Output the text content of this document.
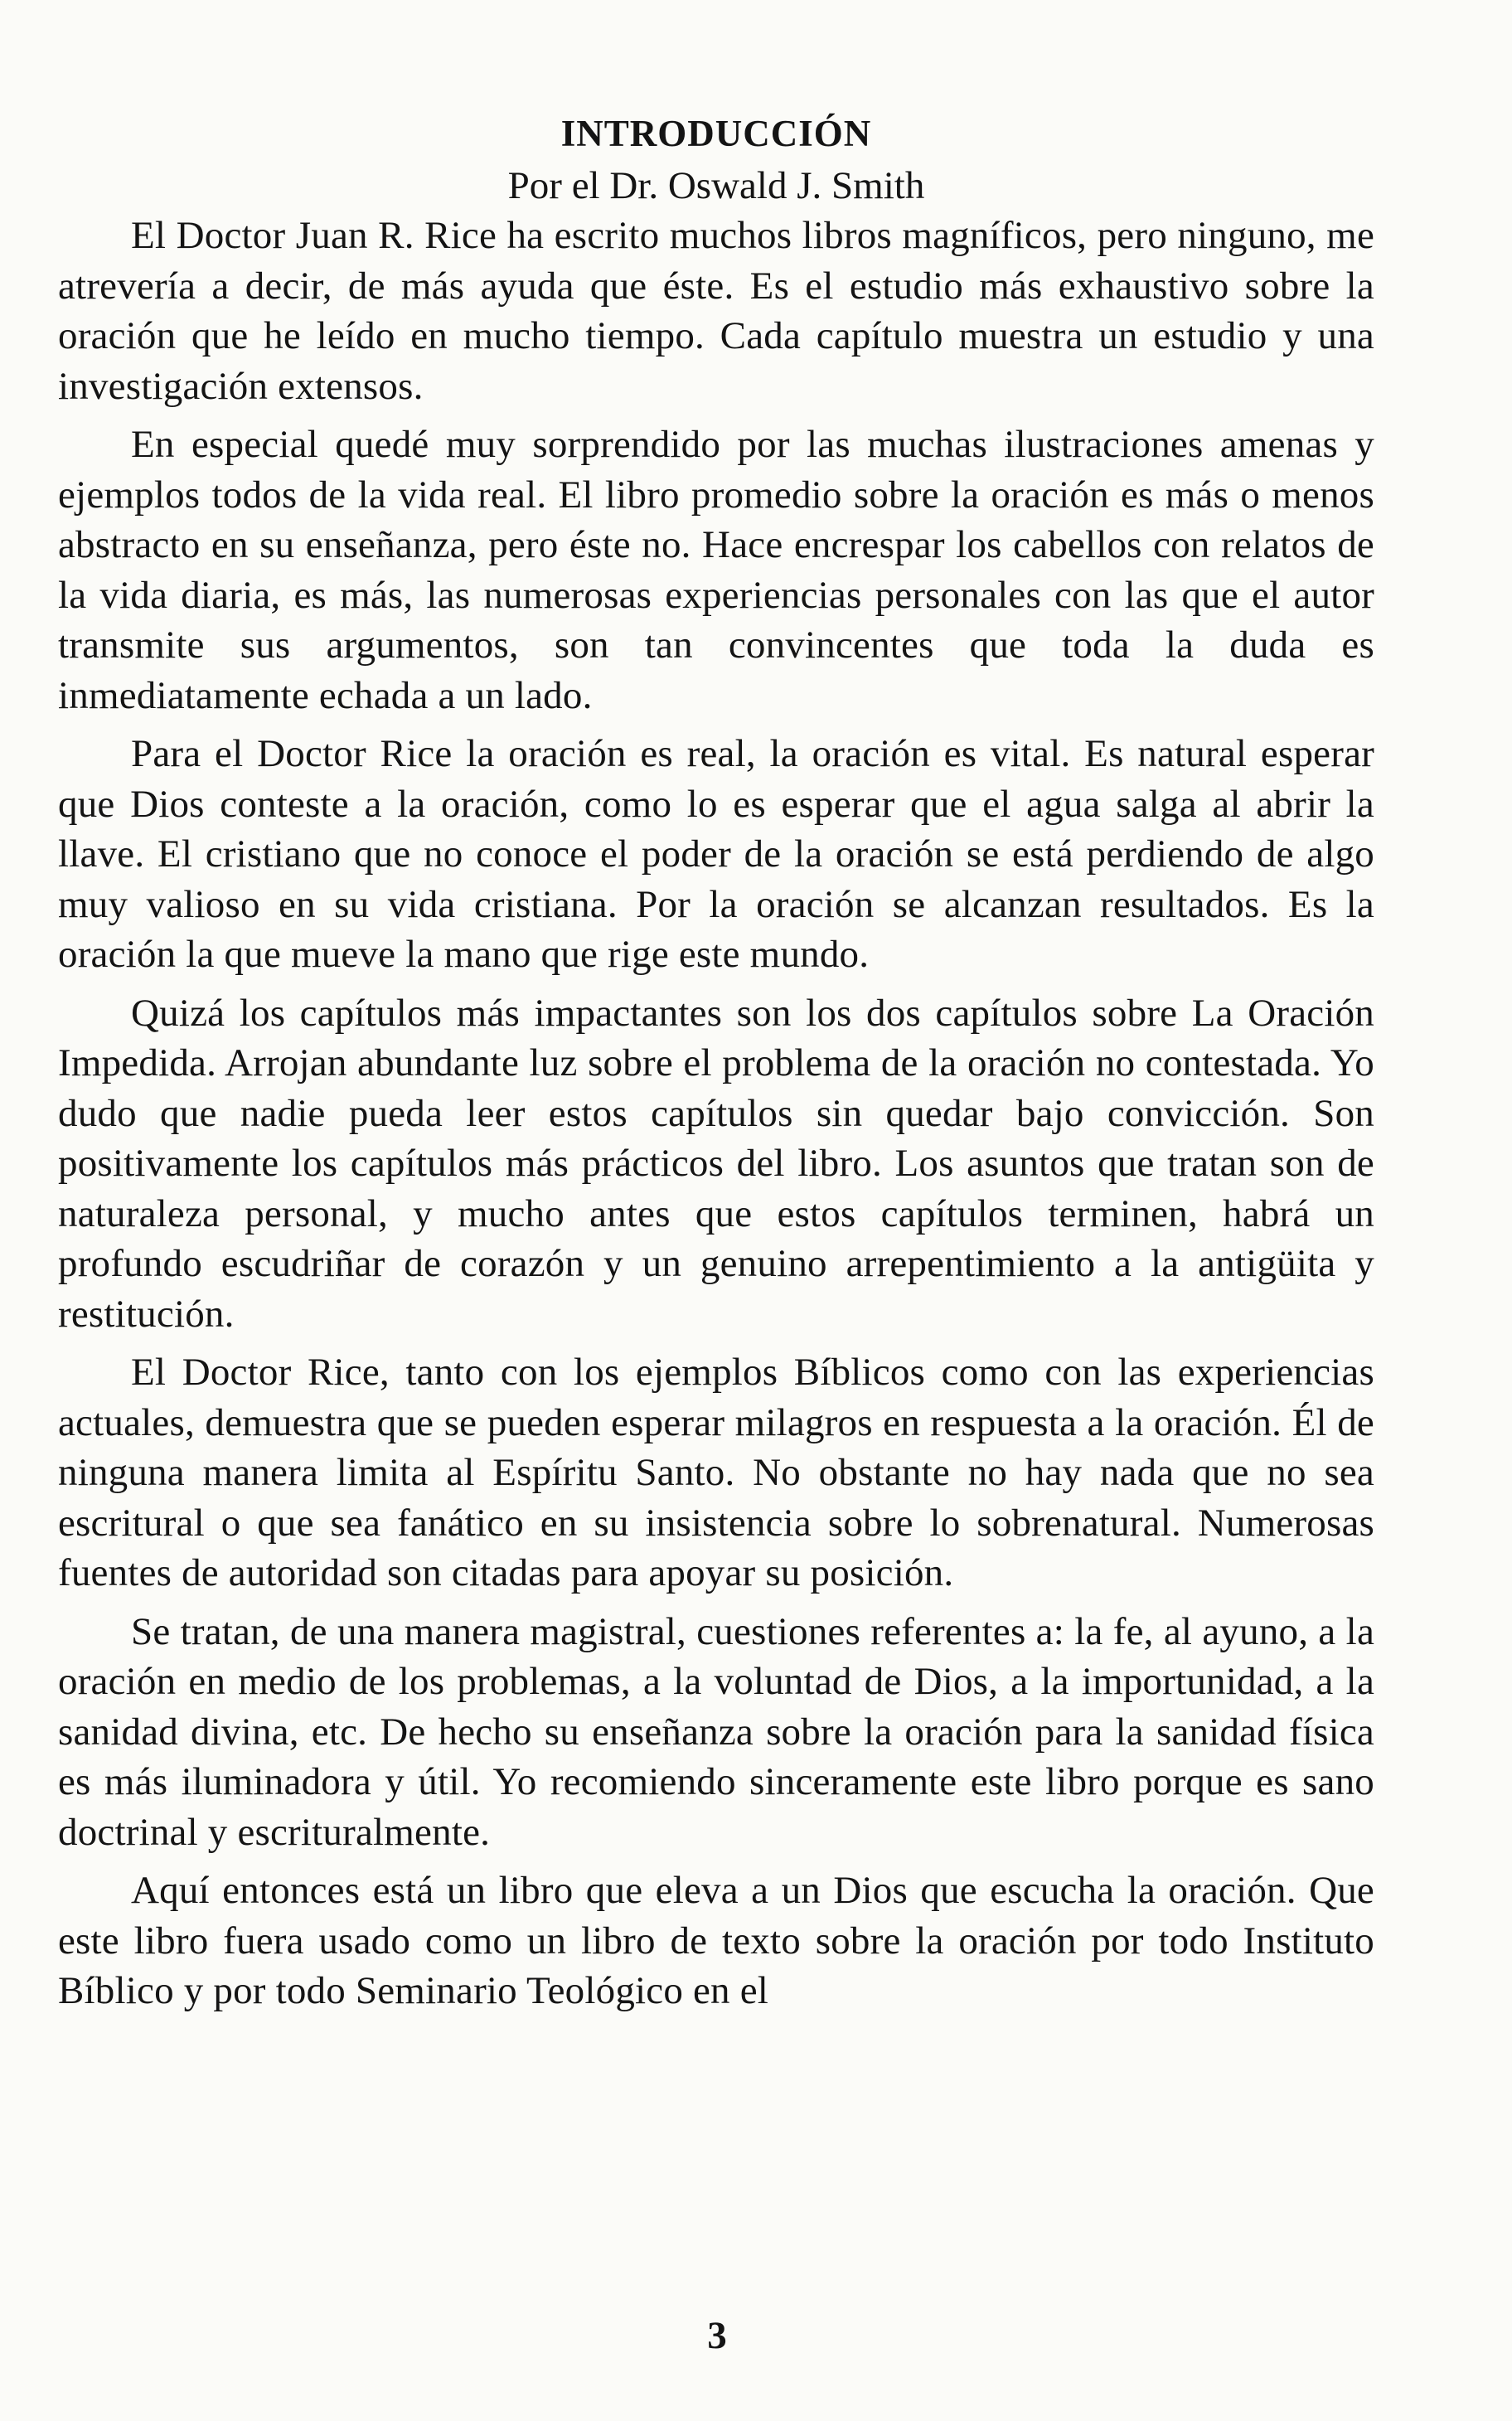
INTRODUCCIÓN

Por el Dr. Oswald J. Smith

El Doctor Juan R. Rice ha escrito muchos libros magníficos, pero ninguno, me atrevería a decir, de más ayuda que éste. Es el estudio más exhaustivo sobre la oración que he leído en mucho tiempo. Cada capítulo muestra un estudio y una investigación extensos.

En especial quedé muy sorprendido por las muchas ilustraciones amenas y ejemplos todos de la vida real. El libro promedio sobre la oración es más o menos abstracto en su enseñanza, pero éste no. Hace encrespar los cabellos con relatos de la vida diaria, es más, las numerosas experiencias personales con las que el autor transmite sus argumentos, son tan convincentes que toda la duda es inmediatamente echada a un lado.

Para el Doctor Rice la oración es real, la oración es vital. Es natural esperar que Dios conteste a la oración, como lo es esperar que el agua salga al abrir la llave. El cristiano que no conoce el poder de la oración se está perdiendo de algo muy valioso en su vida cristiana. Por la oración se alcanzan resultados. Es la oración la que mueve la mano que rige este mundo.

Quizá los capítulos más impactantes son los dos capítulos sobre La Oración Impedida. Arrojan abundante luz sobre el problema de la oración no contestada. Yo dudo que nadie pueda leer estos capítulos sin quedar bajo convicción. Son positivamente los capítulos más prácticos del libro. Los asuntos que tratan son de naturaleza personal, y mucho antes que estos capítulos terminen, habrá un profundo escudriñar de corazón y un genuino arrepentimiento a la antigüita y restitución.

El Doctor Rice, tanto con los ejemplos Bíblicos como con las experiencias actuales, demuestra que se pueden esperar milagros en respuesta a la oración. Él de ninguna manera limita al Espíritu Santo. No obstante no hay nada que no sea escritural o que sea fanático en su insistencia sobre lo sobrenatural. Numerosas fuentes de autoridad son citadas para apoyar su posición.

Se tratan, de una manera magistral, cuestiones referentes a: la fe, al ayuno, a la oración en medio de los problemas, a la voluntad de Dios, a la importunidad, a la sanidad divina, etc. De hecho su enseñanza sobre la oración para la sanidad física es más iluminadora y útil. Yo recomiendo sinceramente este libro porque es sano doctrinal y escrituralmente.

Aquí entonces está un libro que eleva a un Dios que escucha la oración. Que este libro fuera usado como un libro de texto sobre la oración por todo Instituto Bíblico y por todo Seminario Teológico en el

3
